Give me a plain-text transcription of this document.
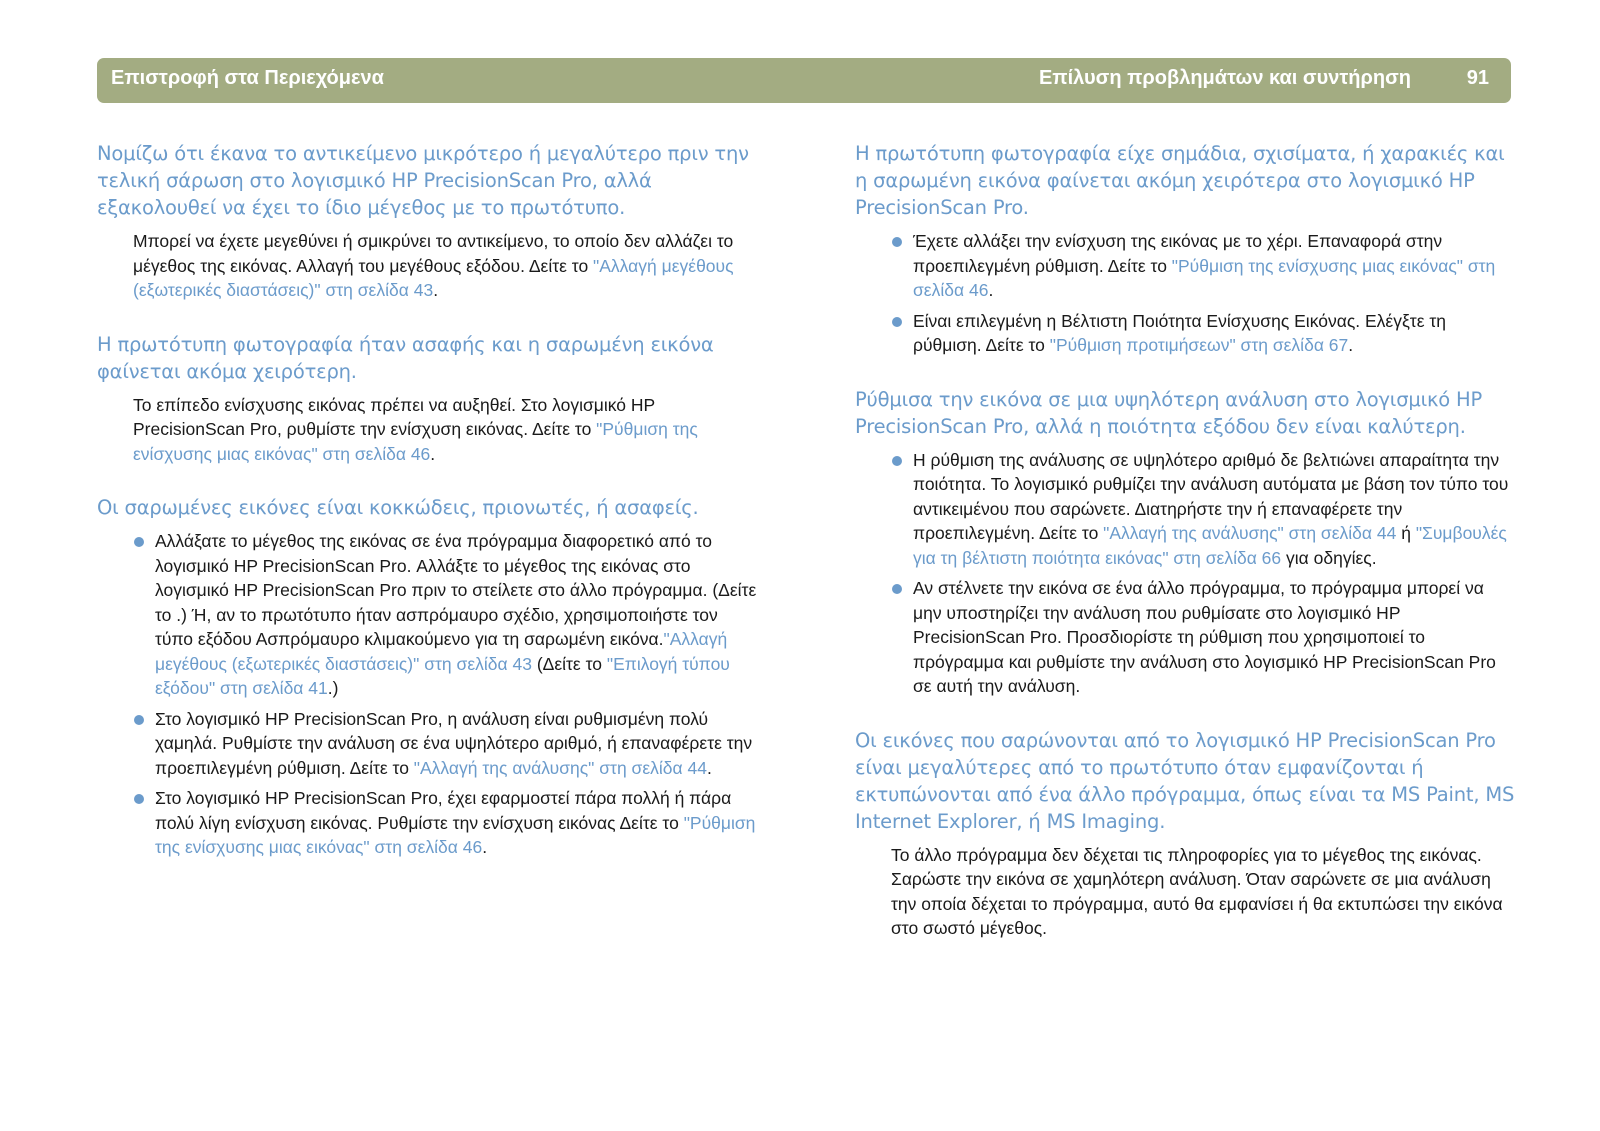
Επιστροφή στα Περιεχόμενα	Επίλυση προβλημάτων και συντήρηση	91
Νομίζω ότι έκανα το αντικείμενο μικρότερο ή μεγαλύτερο πριν την τελική σάρωση στο λογισμικό HP PrecisionScan Pro, αλλά εξακολουθεί να έχει το ίδιο μέγεθος με το πρωτότυπο.

Μπορεί να έχετε μεγεθύνει ή σμικρύνει το αντικείμενο, το οποίο δεν αλλάζει το μέγεθος της εικόνας. Αλλαγή του μεγέθους εξόδου. Δείτε το "Αλλαγή μεγέθους (εξωτερικές διαστάσεις)" στη σελίδα 43.

Η πρωτότυπη φωτογραφία ήταν ασαφής και η σαρωμένη εικόνα φαίνεται ακόμα χειρότερη.

Το επίπεδο ενίσχυσης εικόνας πρέπει να αυξηθεί. Στο λογισμικό HP PrecisionScan Pro, ρυθμίστε την ενίσχυση εικόνας. Δείτε το "Ρύθμιση της ενίσχυσης μιας εικόνας" στη σελίδα 46.

Οι σαρωμένες εικόνες είναι κοκκώδεις, πριονωτές, ή ασαφείς.
Αλλάξατε το μέγεθος της εικόνας σε ένα πρόγραμμα διαφορετικό από το λογισμικό HP PrecisionScan Pro. Αλλάξτε το μέγεθος της εικόνας στο λογισμικό HP PrecisionScan Pro πριν το στείλετε στο άλλο πρόγραμμα. (Δείτε το .) Ή, αν το πρωτότυπο ήταν ασπρόμαυρο σχέδιο, χρησιμοποιήστε τον τύπο εξόδου Ασπρόμαυρο κλιμακούμενο για τη σαρωμένη εικόνα."Αλλαγή μεγέθους (εξωτερικές διαστάσεις)" στη σελίδα 43 (Δείτε το "Επιλογή τύπου εξόδου" στη σελίδα 41.)
Στο λογισμικό HP PrecisionScan Pro, η ανάλυση είναι ρυθμισμένη πολύ χαμηλά. Ρυθμίστε την ανάλυση σε ένα υψηλότερο αριθμό, ή επαναφέρετε την προεπιλεγμένη ρύθμιση. Δείτε το "Αλλαγή της ανάλυσης" στη σελίδα 44.
Στο λογισμικό HP PrecisionScan Pro, έχει εφαρμοστεί πάρα πολλή ή πάρα πολύ λίγη ενίσχυση εικόνας. Ρυθμίστε την ενίσχυση εικόνας Δείτε το "Ρύθμιση της ενίσχυσης μιας εικόνας" στη σελίδα 46.
Η πρωτότυπη φωτογραφία είχε σημάδια, σχισίματα, ή χαρακιές και η σαρωμένη εικόνα φαίνεται ακόμη χειρότερα στο λογισμικό HP PrecisionScan Pro.
Έχετε αλλάξει την ενίσχυση της εικόνας με το χέρι. Επαναφορά στην προεπιλεγμένη ρύθμιση. Δείτε το "Ρύθμιση της ενίσχυσης μιας εικόνας" στη σελίδα 46.
Είναι επιλεγμένη η Βέλτιστη Ποιότητα Ενίσχυσης Εικόνας. Ελέγξτε τη ρύθμιση. Δείτε το "Ρύθμιση προτιμήσεων" στη σελίδα 67.
Ρύθμισα την εικόνα σε μια υψηλότερη ανάλυση στο λογισμικό HP PrecisionScan Pro, αλλά η ποιότητα εξόδου δεν είναι καλύτερη.
Η ρύθμιση της ανάλυσης σε υψηλότερο αριθμό δε βελτιώνει απαραίτητα την ποιότητα. Το λογισμικό ρυθμίζει την ανάλυση αυτόματα με βάση τον τύπο του αντικειμένου που σαρώνετε. Διατηρήστε την ή επαναφέρετε την προεπιλεγμένη. Δείτε το "Αλλαγή της ανάλυσης" στη σελίδα 44 ή "Συμβουλές για τη βέλτιστη ποιότητα εικόνας" στη σελίδα 66 για οδηγίες.
Αν στέλνετε την εικόνα σε ένα άλλο πρόγραμμα, το πρόγραμμα μπορεί να μην υποστηρίζει την ανάλυση που ρυθμίσατε στο λογισμικό HP PrecisionScan Pro. Προσδιορίστε τη ρύθμιση που χρησιμοποιεί το πρόγραμμα και ρυθμίστε την ανάλυση στο λογισμικό HP PrecisionScan Pro σε αυτή την ανάλυση.
Οι εικόνες που σαρώνονται από το λογισμικό HP PrecisionScan Pro είναι μεγαλύτερες από το πρωτότυπο όταν εμφανίζονται ή εκτυπώνονται από ένα άλλο πρόγραμμα, όπως είναι τα MS Paint, MS Internet Explorer, ή MS Imaging.

Το άλλο πρόγραμμα δεν δέχεται τις πληροφορίες για το μέγεθος της εικόνας. Σαρώστε την εικόνα σε χαμηλότερη ανάλυση. Όταν σαρώνετε σε μια ανάλυση την οποία δέχεται το πρόγραμμα, αυτό θα εμφανίσει ή θα εκτυπώσει την εικόνα στο σωστό μέγεθος.
